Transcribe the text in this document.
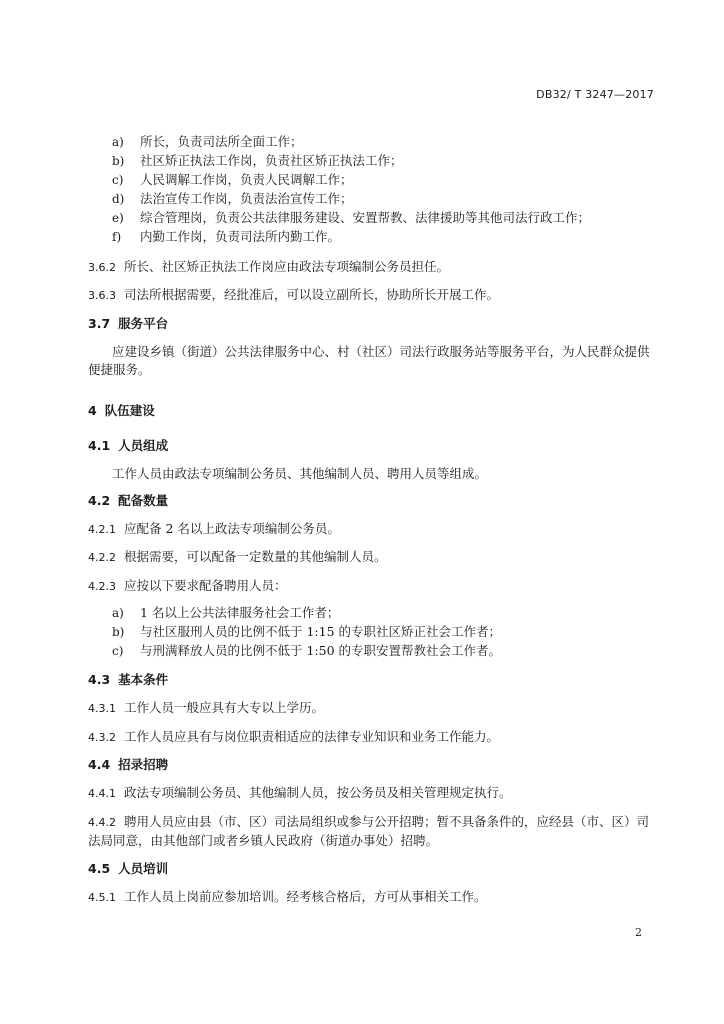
DB32/ T 3247—2017
a) 所长，负责司法所全面工作；
b) 社区矫正执法工作岗，负责社区矫正执法工作；
c) 人民调解工作岗，负责人民调解工作；
d) 法治宣传工作岗，负责法治宣传工作；
e) 综合管理岗，负责公共法律服务建设、安置帮教、法律援助等其他司法行政工作；
f) 内勤工作岗，负责司法所内勤工作。
3.6.2 所长、社区矫正执法工作岗应由政法专项编制公务员担任。
3.6.3 司法所根据需要，经批准后，可以设立副所长，协助所长开展工作。
3.7 服务平台
应建设乡镇（街道）公共法律服务中心、村（社区）司法行政服务站等服务平台，为人民群众提供便捷服务。
4 队伍建设
4.1 人员组成
工作人员由政法专项编制公务员、其他编制人员、聘用人员等组成。
4.2 配备数量
4.2.1 应配备 2 名以上政法专项编制公务员。
4.2.2 根据需要，可以配备一定数量的其他编制人员。
4.2.3 应按以下要求配备聘用人员：
a) 1 名以上公共法律服务社会工作者；
b) 与社区服刑人员的比例不低于 1:15 的专职社区矫正社会工作者；
c) 与刑满释放人员的比例不低于 1:50 的专职安置帮教社会工作者。
4.3 基本条件
4.3.1 工作人员一般应具有大专以上学历。
4.3.2 工作人员应具有与岗位职责相适应的法律专业知识和业务工作能力。
4.4 招录招聘
4.4.1 政法专项编制公务员、其他编制人员，按公务员及相关管理规定执行。
4.4.2 聘用人员应由县（市、区）司法局组织或参与公开招聘；暂不具备条件的，应经县（市、区）司法局同意，由其他部门或者乡镇人民政府（街道办事处）招聘。
4.5 人员培训
4.5.1 工作人员上岗前应参加培训。经考核合格后，方可从事相关工作。
2
